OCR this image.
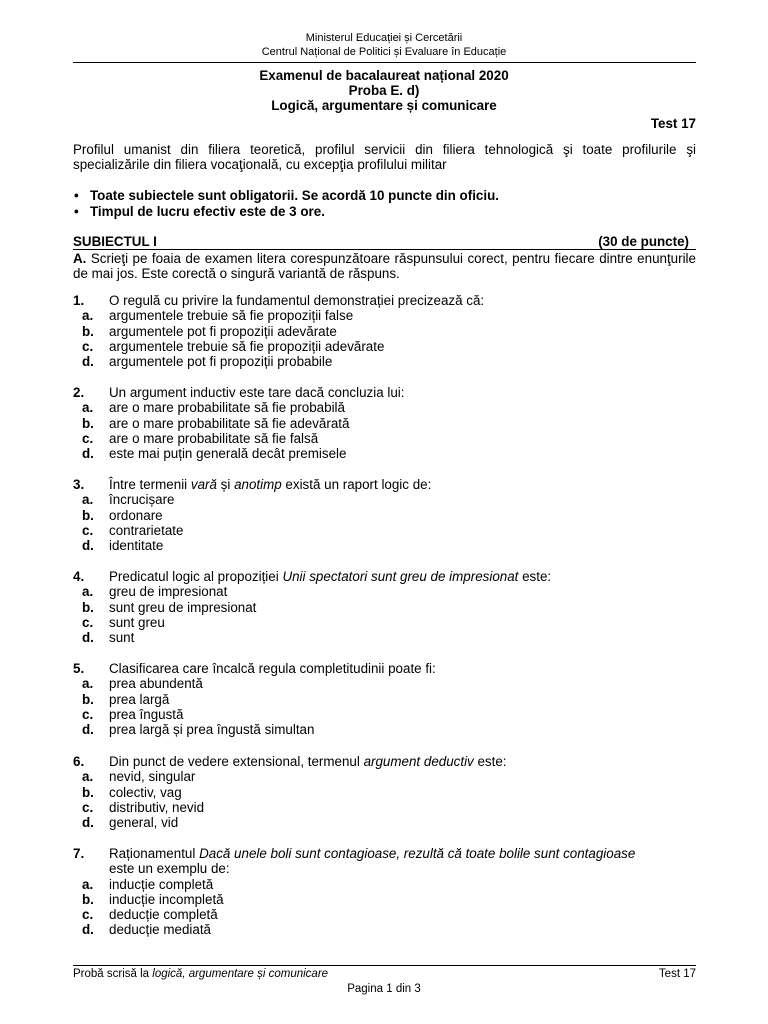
Ministerul Educației și Cercetării
Centrul Național de Politici și Evaluare în Educație
Examenul de bacalaureat național 2020
Proba E. d)
Logică, argumentare și comunicare
Test 17
Profilul umanist din filiera teoretică, profilul servicii din filiera tehnologică şi toate profilurile şi specializările din filiera vocaţională, cu excepţia profilului militar
• Toate subiectele sunt obligatorii. Se acordă 10 puncte din oficiu.
• Timpul de lucru efectiv este de 3 ore.
SUBIECTUL I	(30 de puncte)
A. Scrieţi pe foaia de examen litera corespunzătoare răspunsului corect, pentru fiecare dintre enunţurile de mai jos. Este corectă o singură variantă de răspuns.
1. O regulă cu privire la fundamentul demonstrației precizează că:
a. argumentele trebuie să fie propoziții false
b. argumentele pot fi propoziții adevărate
c. argumentele trebuie să fie propoziții adevărate
d. argumentele pot fi propoziții probabile
2. Un argument inductiv este tare dacă concluzia lui:
a. are o mare probabilitate să fie probabilă
b. are o mare probabilitate să fie adevărată
c. are o mare probabilitate să fie falsă
d. este mai puțin generală decât premisele
3. Între termenii vară și anotimp există un raport logic de:
a. încrucișare
b. ordonare
c. contrarietate
d. identitate
4. Predicatul logic al propoziției Unii spectatori sunt greu de impresionat este:
a. greu de impresionat
b. sunt greu de impresionat
c. sunt greu
d. sunt
5. Clasificarea care încalcă regula completitudinii poate fi:
a. prea abundentă
b. prea largă
c. prea îngustă
d. prea largă și prea îngustă simultan
6. Din punct de vedere extensional, termenul argument deductiv este:
a. nevid, singular
b. colectiv, vag
c. distributiv, nevid
d. general, vid
7. Raționamentul Dacă unele boli sunt contagioase, rezultă că toate bolile sunt contagioase
este un exemplu de:
a. inducție completă
b. inducție incompletă
c. deducție completă
d. deducție mediată
Probă scrisă la logică, argumentare și comunicare	Test 17
Pagina 1 din 3
